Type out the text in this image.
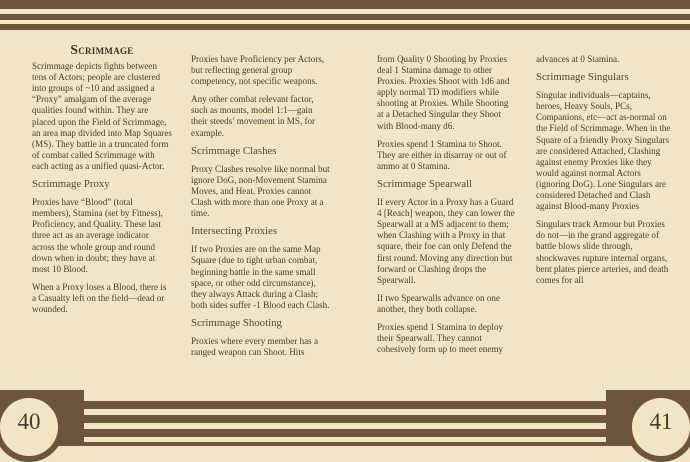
40	41
Scrimmage

Scrimmage depicts fights between tens of Actors; people are clustered into groups of ~10 and assigned a “Proxy” amalgam of the average qualities found within. They are placed upon the Field of Scrimmage, an area map divided into Map Squares (MS). They battle in a truncated form of combat called Scrimmage with each acting as a unified quasi-Actor.

Scrimmage Proxy

Proxies have “Blood” (total members), Stamina (set by Fitness), Proficiency, and Quality. These last three act as an average indicator across the whole group and round down when in doubt; they have at most 10 Blood.

When a Proxy loses a Blood, there is a Casualty left on the field—dead or wounded.

Proxies have Proficiency per Actors, but reflecting general group competency, not specific weapons.

Any other combat relevant factor, such as mounts, model 1:1—gain their steeds’ movement in MS, for example.

Scrimmage Clashes

Proxy Clashes resolve like normal but ignore DoG, non-Movement Stamina Moves, and Heat. Proxies cannot Clash with more than one Proxy at a time.

Intersecting Proxies

If two Proxies are on the same Map Square (due to tight urban combat, beginning battle in the same small space, or other odd circumstance), they always Attack during a Clash; both sides suffer -1 Blood each Clash.

Scrimmage Shooting

Proxies where every member has a ranged weapon can Shoot. Hits

from Quality 0 Shooting by Proxies deal 1 Stamina damage to other Proxies. Proxies Shoot with 1d6 and apply normal TD modifiers while shooting at Proxies. While Shooting at a Detached Singular they Shoot with Blood-many d6.

Proxies spend 1 Stamina to Shoot. They are either in disarray or out of ammo at 0 Stamina.

Scrimmage Spearwall

If every Actor in a Proxy has a Guard 4 [Reach] weapon, they can lower the Spearwall at a MS adjacent to them; when Clashing with a Proxy in that square, their foe can only Defend the first round. Moving any direction but forward or Clashing drops the Spearwall.

If two Spearwalls advance on one another, they both collapse.

Proxies spend 1 Stamina to deploy their Spearwall. They cannot cohesively form up to meet enemy

advances at 0 Stamina.

Scrimmage Singulars

Singular individuals—captains, heroes, Heavy Souls, PCs, Companions, etc—act as-normal on the Field of Scrimmage. When in the Square of a friendly Proxy Singulars are considered Attached, Clashing against enemy Proxies like they would against normal Actors (ignoring DoG). Lone Singulars are considered Detached and Clash against Blood-many Proxies

Singulars track Armour but Proxies do not—in the grand aggregate of battle blows slide through, shockwaves rupture internal organs, bent plates pierce arteries, and death comes for all
